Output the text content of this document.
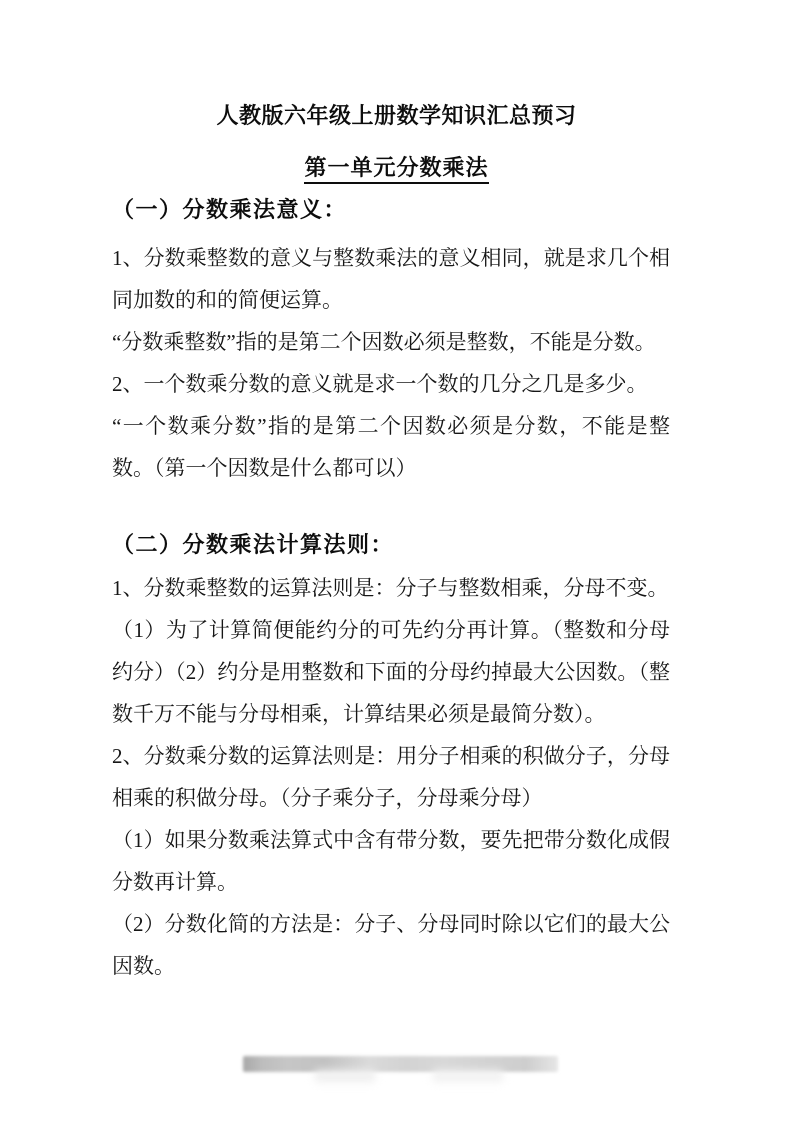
人教版六年级上册数学知识汇总预习
第一单元分数乘法
（一）分数乘法意义：

1、分数乘整数的意义与整数乘法的意义相同，就是求几个相同加数的和的简便运算。

“分数乘整数”指的是第二个因数必须是整数，不能是分数。

2、一个数乘分数的意义就是求一个数的几分之几是多少。

“一个数乘分数”指的是第二个因数必须是分数，不能是整数。（第一个因数是什么都可以）

（二）分数乘法计算法则：

1、分数乘整数的运算法则是：分子与整数相乘，分母不变。

（1）为了计算简便能约分的可先约分再计算。（整数和分母约分）（2）约分是用整数和下面的分母约掉最大公因数。（整数千万不能与分母相乘，计算结果必须是最简分数）。

2、分数乘分数的运算法则是：用分子相乘的积做分子，分母相乘的积做分母。（分子乘分子，分母乘分母）

（1）如果分数乘法算式中含有带分数，要先把带分数化成假分数再计算。

（2）分数化简的方法是：分子、分母同时除以它们的最大公因数。
